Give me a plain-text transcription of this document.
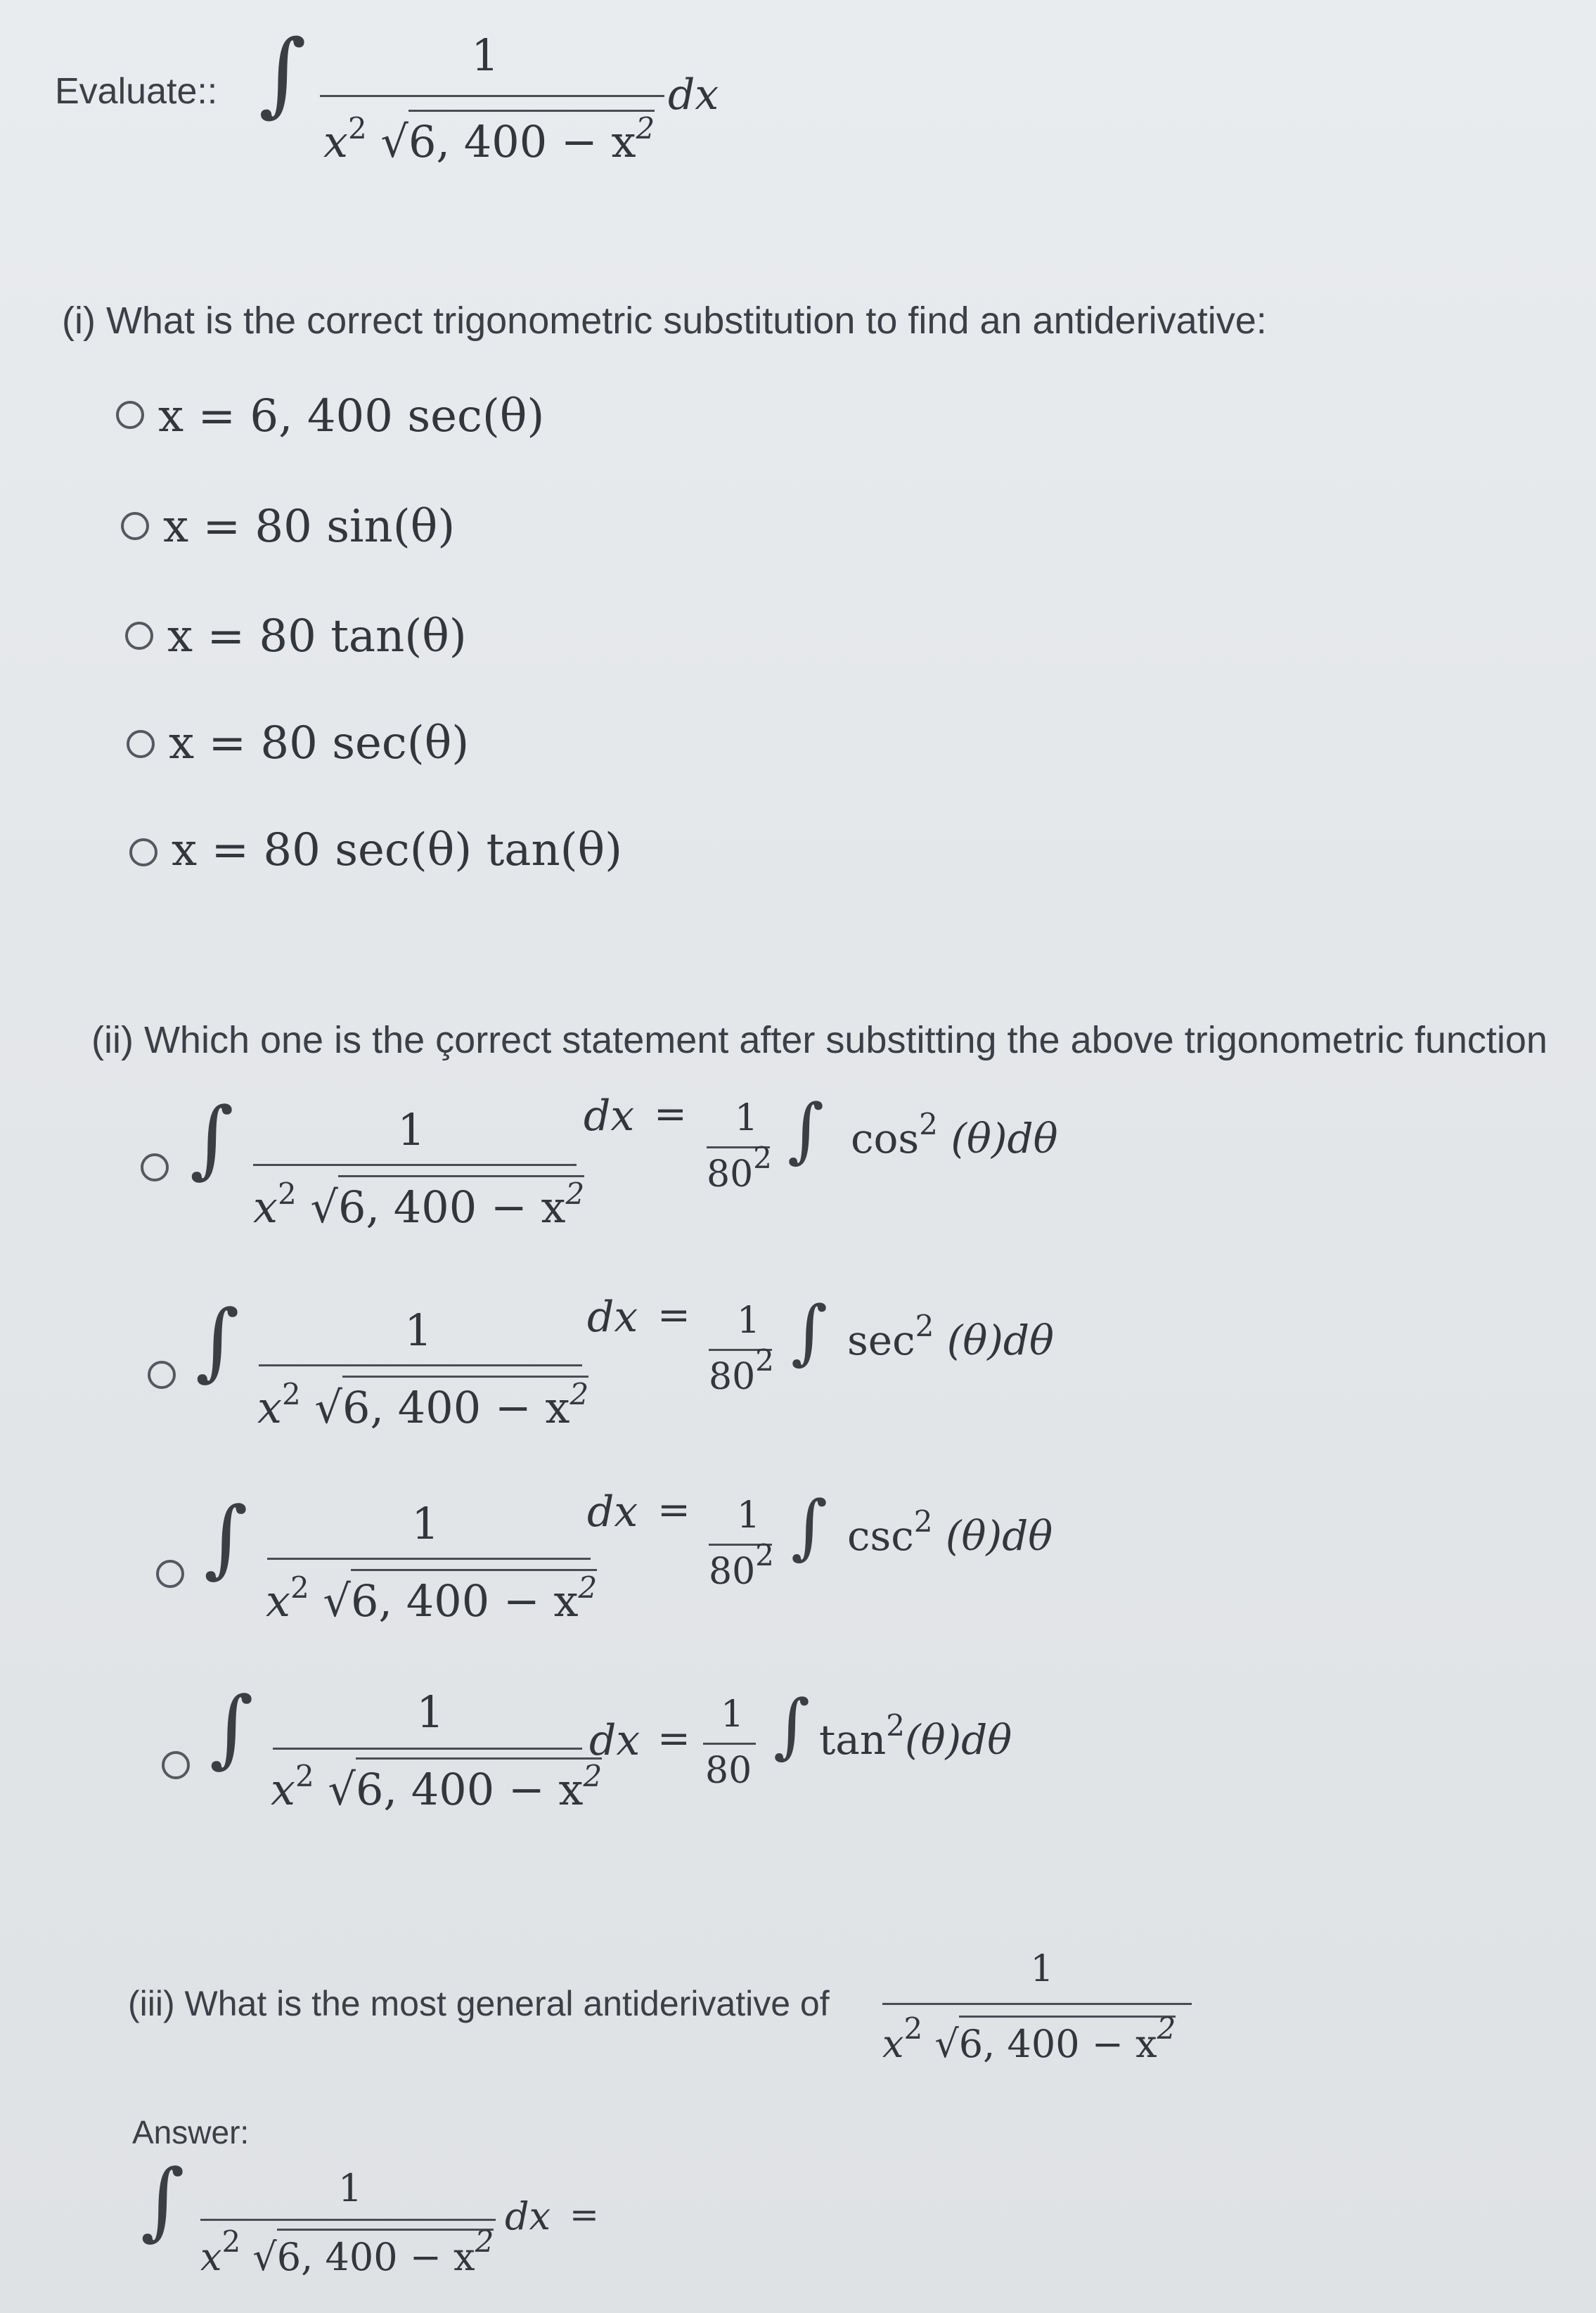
Evaluate:: ∫	1
$x^2$ √6, $400 - x^2$
dx
(i) What is the correct trigonometric substitution to find an antiderivative:
x = 6, 400 sec(θ)
x = 80 sin(θ)
x = 80 tan(θ)
x = 80 sec(θ)
x = 80 sec(θ) tan(θ)
(ii) Which one is the çorrect statement after substitting the above trigonometric function
∫	1
$x^2$ √6, $400 - x^2$
dx = 1
$80^2$ ∫ $\cos^2 (\theta)d\theta$
∫	1
$x^2$ √6, $400 - x^2$
dx = 1
$80^2$ ∫ $\sec^2 (\theta)d\theta$
∫	1
$x^2$ √6, $400 - x^2$
dx = 1
$80^2$ ∫ $\csc^2 (\theta)d\theta$
∫	1
$x^2$ √6, $400 - x^2$
dx =
1
80
∫ $\tan^2(\theta)d\theta$
(iii) What is the most general antiderivative of
1
$x^2$ √6, $400 - x^2$
Answer:
∫	1
$x^2$ √6, $400 - x^2$
dx =
